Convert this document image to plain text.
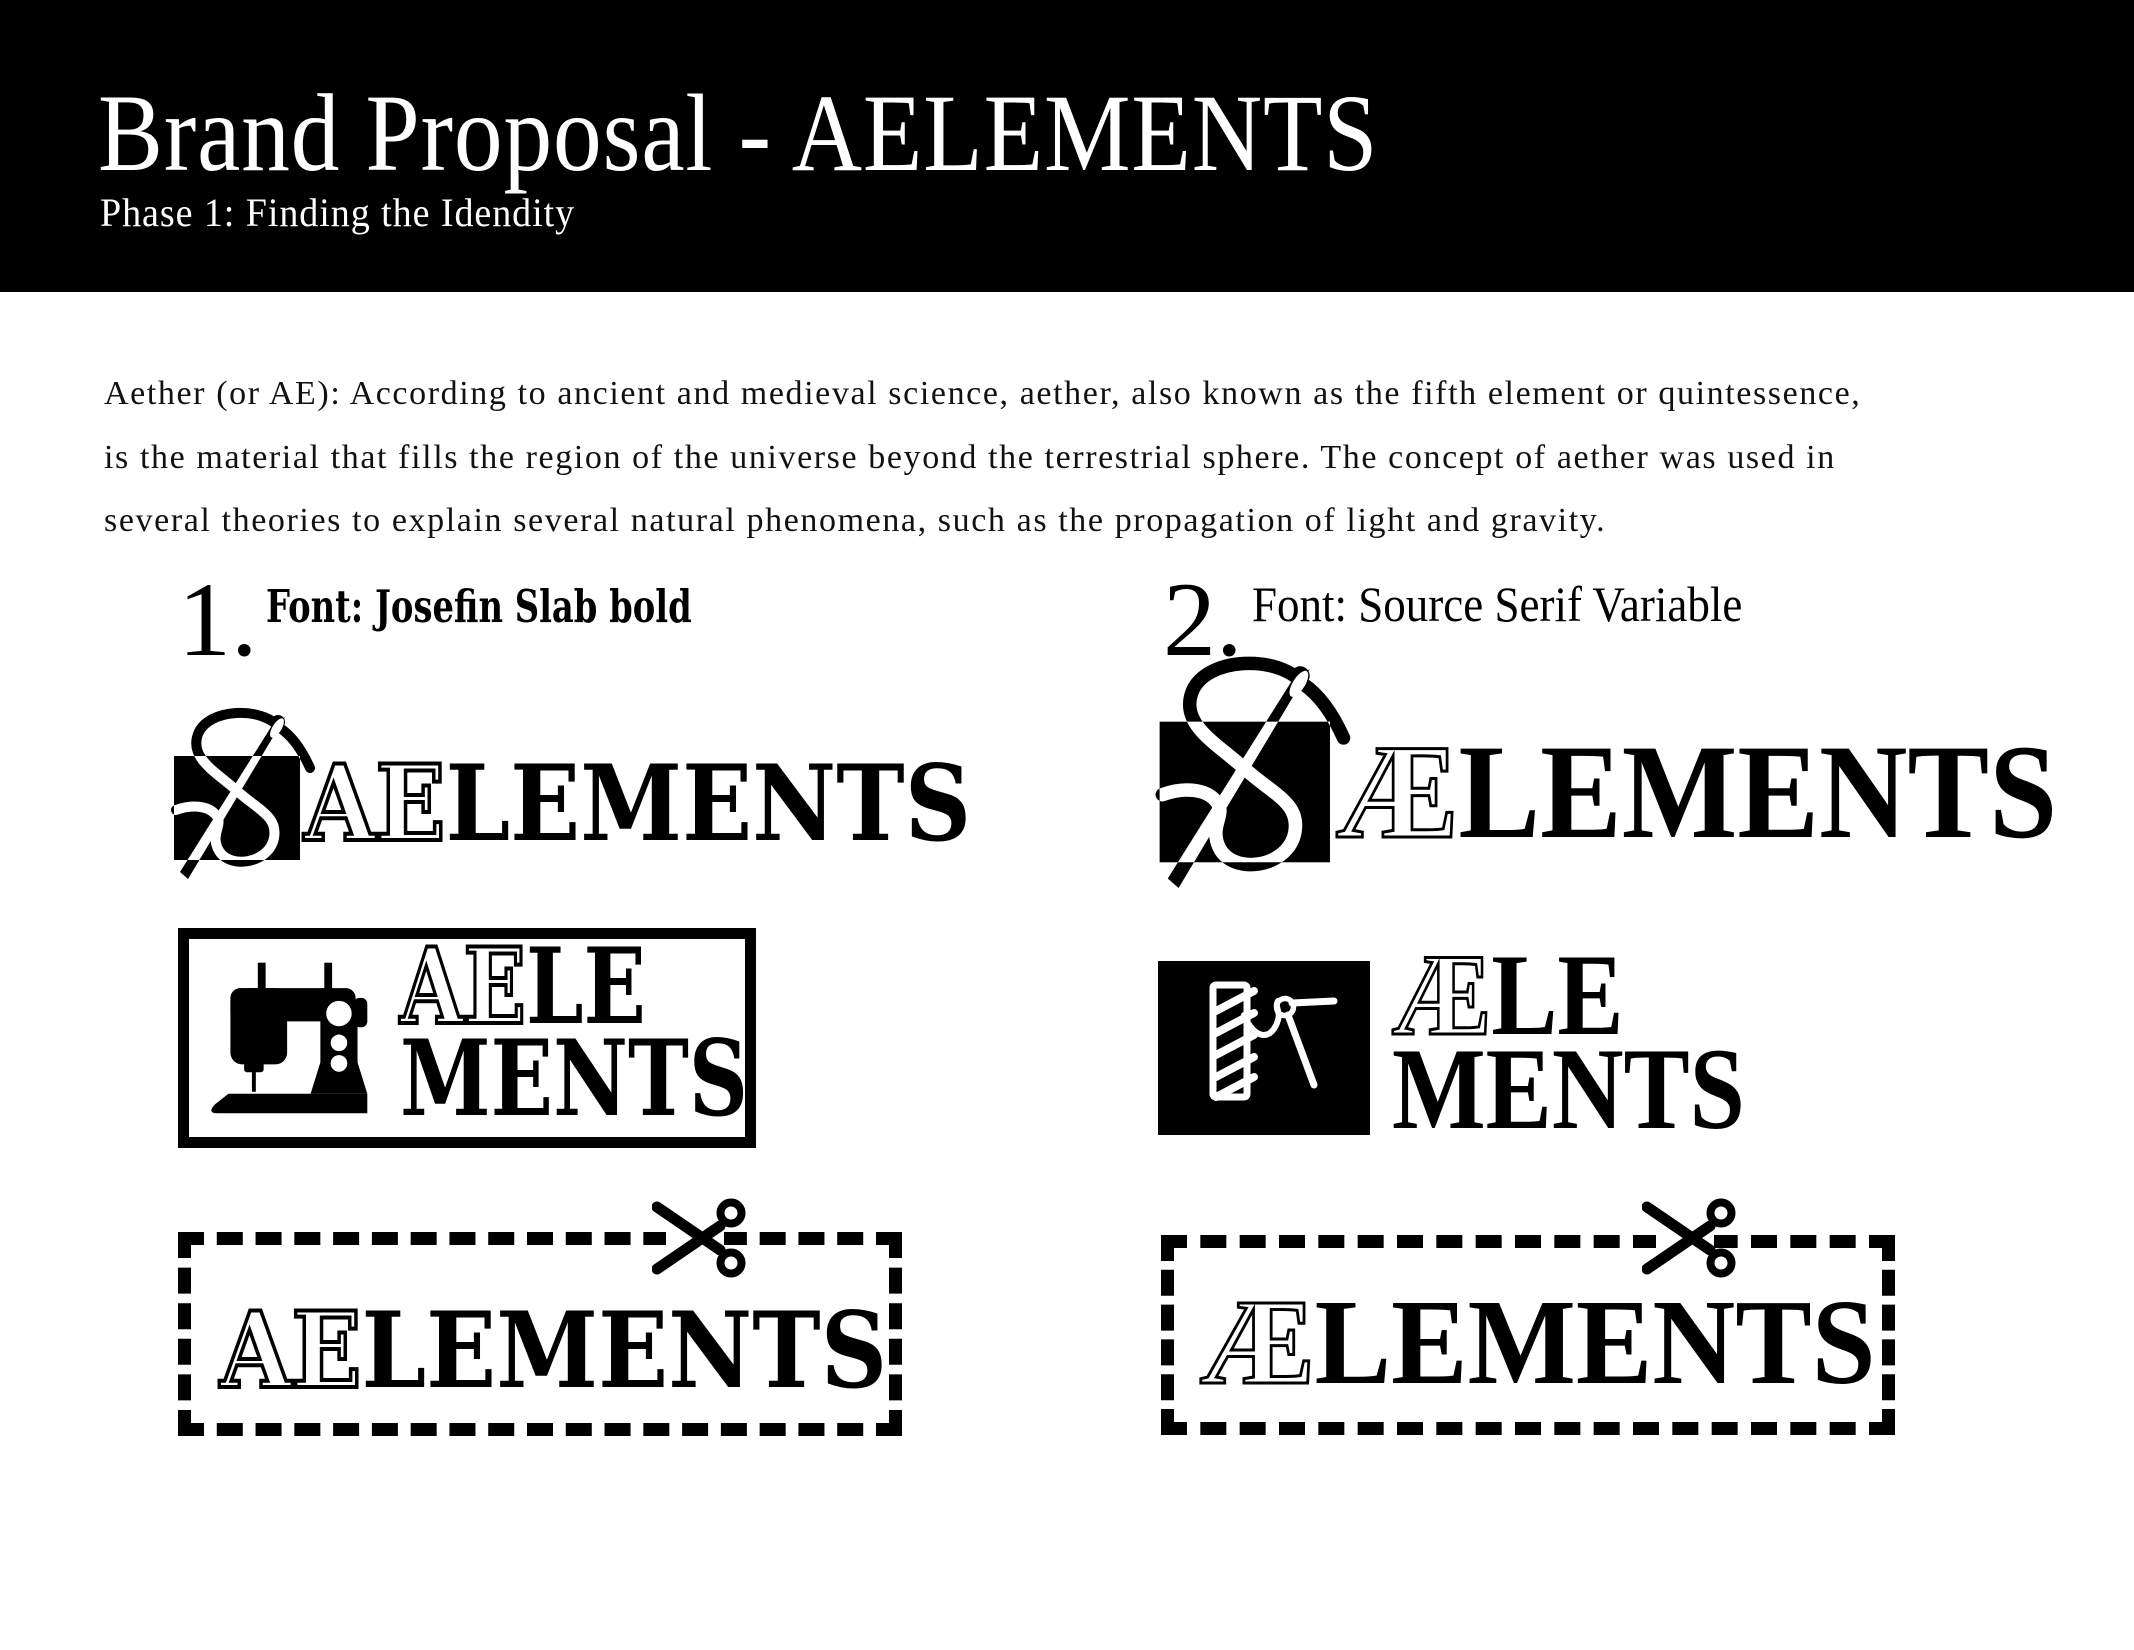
Brand Proposal - AELEMENTS
Phase 1: Finding the Idendity
Aether (or AE): According to ancient and medieval science, aether, also known as the fifth element or quintessence,
is the material that fills the region of the universe beyond the terrestrial sphere. The concept of aether was used in
several theories to explain several natural phenomena, such as the propagation of light and gravity.
1. Font: Josefin Slab bold	2. Font: Source Serif Variable
AELEMENTS
AELE
MENTS
AELEMENTS
ÆLEMENTS
ÆLE
MENTS
ÆLEMENTS
